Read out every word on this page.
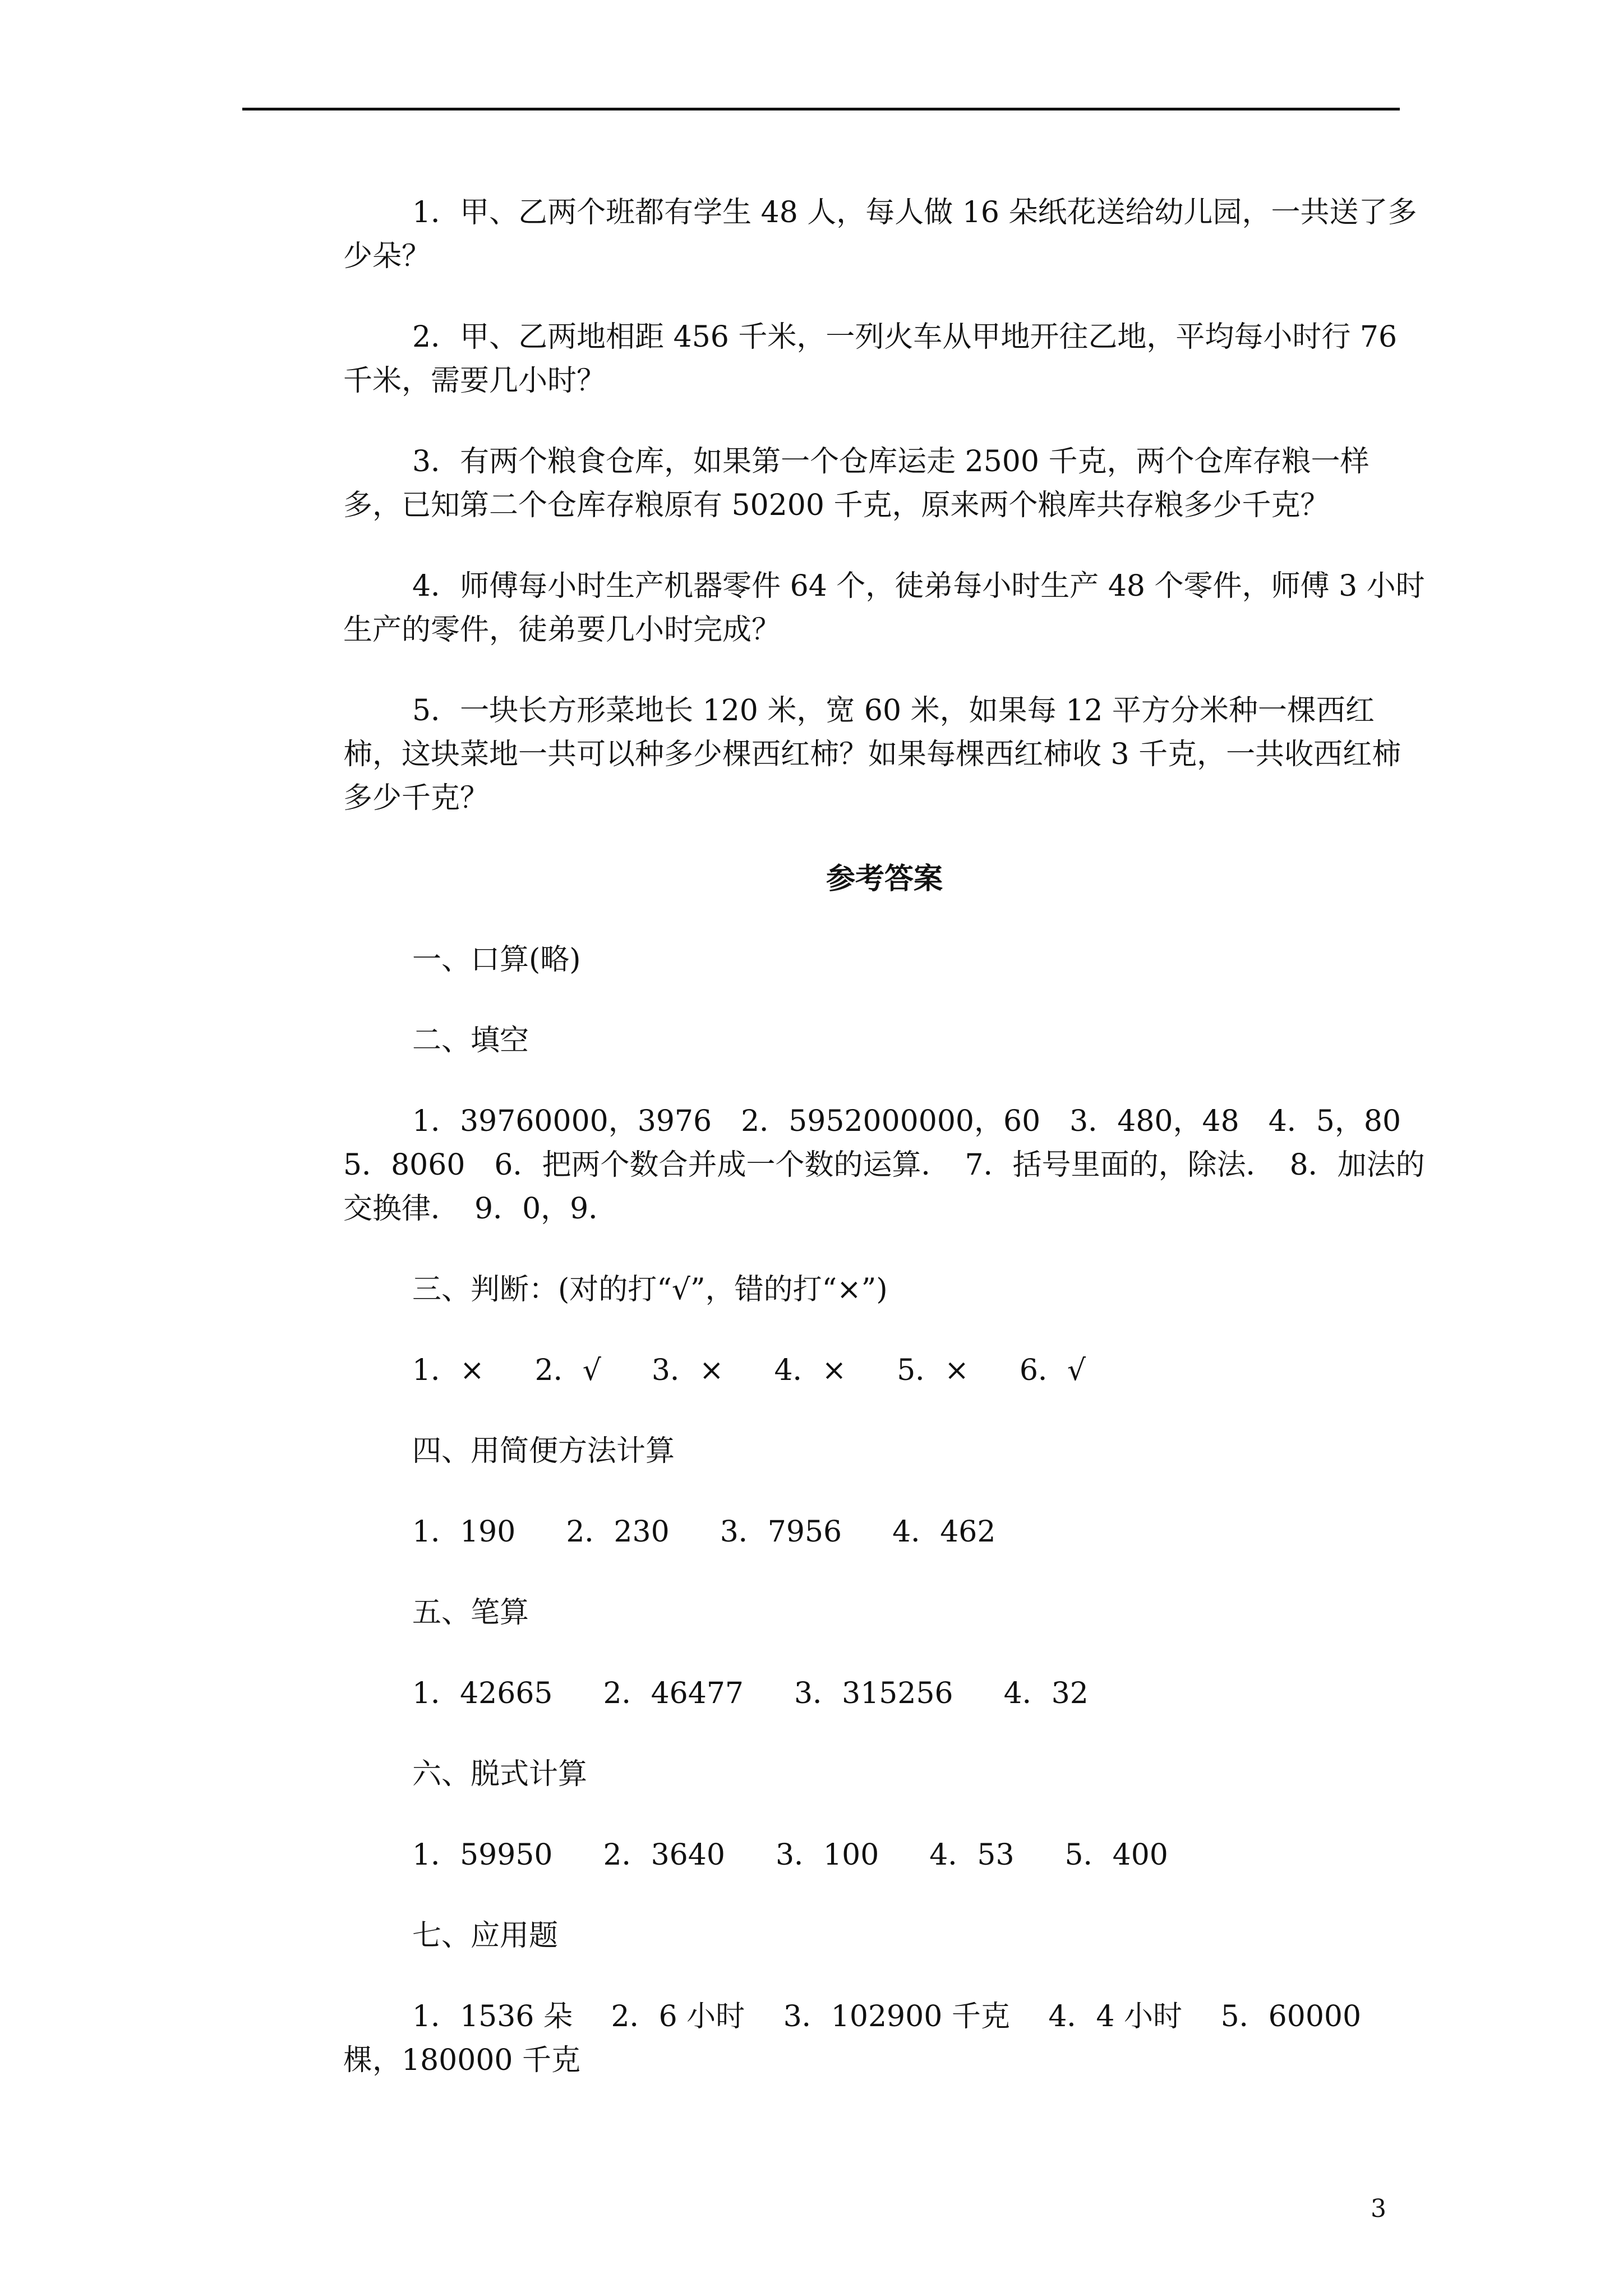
1．甲、乙两个班都有学生 48 人，每人做 16 朵纸花送给幼儿园，一共送了多少朵？

2．甲、乙两地相距 456 千米，一列火车从甲地开往乙地，平均每小时行 76 千米，需要几小时？

3．有两个粮食仓库，如果第一个仓库运走 2500 千克，两个仓库存粮一样多，已知第二个仓库存粮原有 50200 千克，原来两个粮库共存粮多少千克？

4．师傅每小时生产机器零件 64 个，徒弟每小时生产 48 个零件，师傅 3 小时生产的零件，徒弟要几小时完成？

5．一块长方形菜地长 120 米，宽 60 米，如果每 12 平方分米种一棵西红柿，这块菜地一共可以种多少棵西红柿？如果每棵西红柿收 3 千克，一共收西红柿多少千克？

参考答案

一、口算(略)

二、填空

1．39760000，3976　2．5952000000，60　3．480，48　4．5，80　5．8060　6．把两个数合并成一个数的运算．　7．括号里面的，除法．　8．加法的交换律．　9．0，9．

三、判断：(对的打“√”，错的打“×”)

1．× 2．√ 3．× 4．× 5．× 6．√

四、用简便方法计算

1．190 2．230 3．7956 4．462

五、笔算

1．42665 2．46477 3．315256 4．32

六、脱式计算

1．59950 2．3640 3．100 4．53 5．400

七、应用题

1．1536 朵　 2．6 小时　 3．102900 千克　 4．4 小时　 5．60000 棵，180000 千克

3
